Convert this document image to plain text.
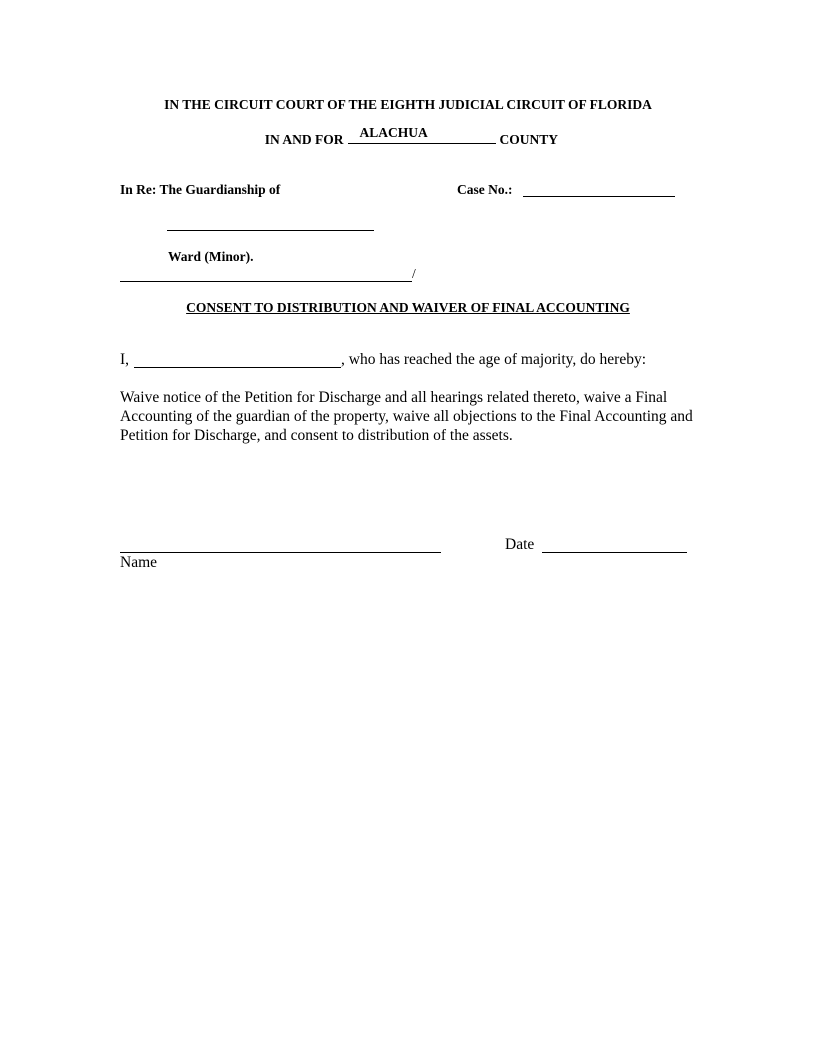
IN THE CIRCUIT COURT OF THE EIGHTH JUDICIAL CIRCUIT OF FLORIDA

IN AND FOR ALACHUA	COUNTY

In Re: The Guardianship of	Case No.:
Ward (Minor).
/
CONSENT TO DISTRIBUTION AND WAIVER OF FINAL ACCOUNTING
I,	, who has reached the age of majority, do hereby:
Waive notice of the Petition for Discharge and all hearings related thereto, waive a Final Accounting of the guardian of the property, waive all objections to the Final Accounting and Petition for Discharge, and consent to distribution of the assets.
Name
Date
